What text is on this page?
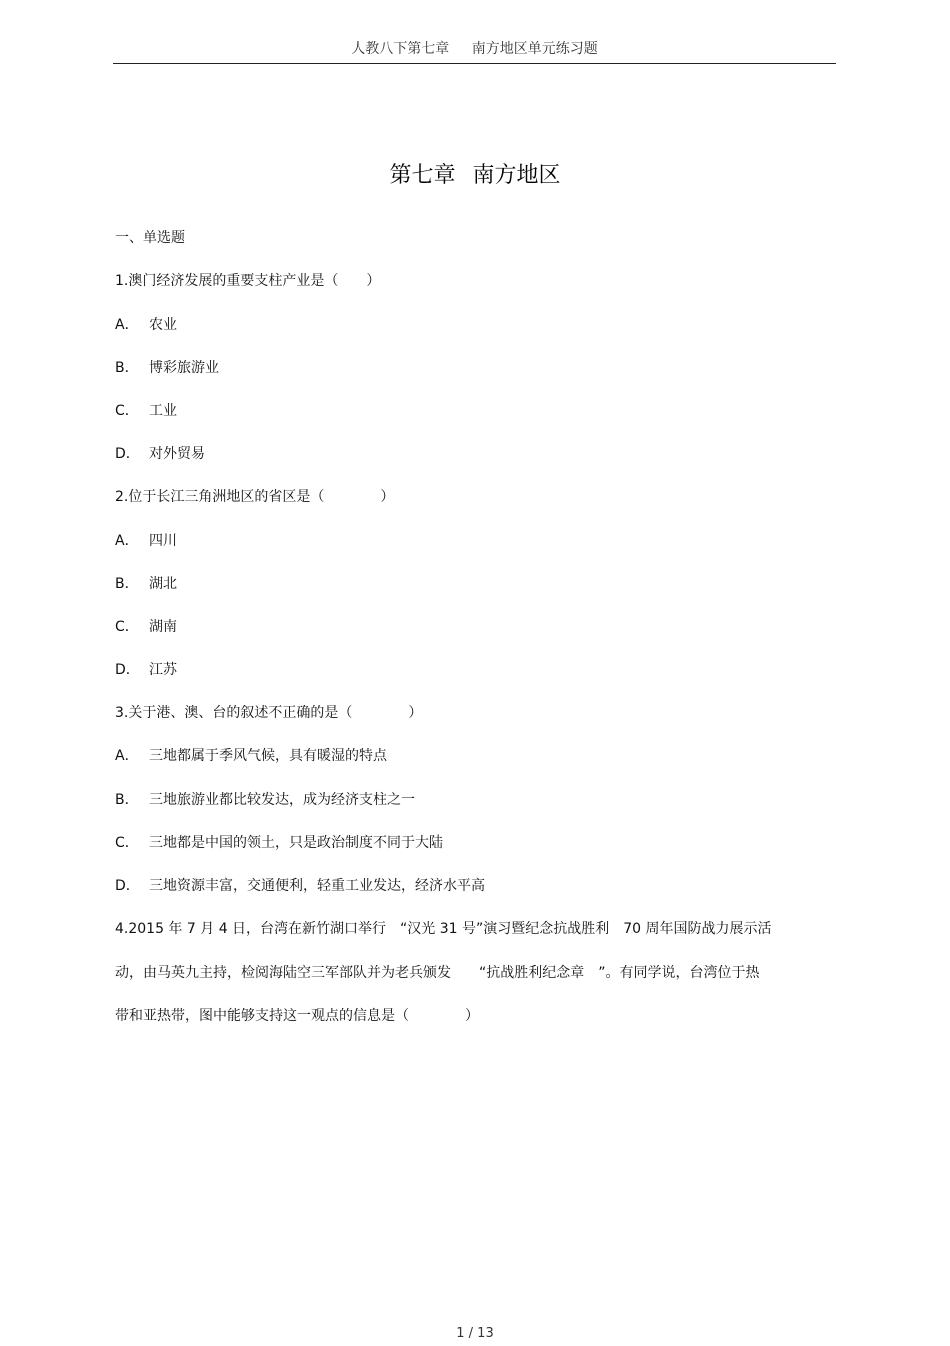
人教八下第七章 南方地区单元练习题
第七章 南方地区
一、单选题
1.澳门经济发展的重要支柱产业是（　　）
A． 农业
B． 博彩旅游业
C． 工业
D． 对外贸易
2.位于长江三角洲地区的省区是（　　　　）
A． 四川
B． 湖北
C． 湖南
D． 江苏
3.关于港、澳、台的叙述不正确的是（　　　　）
A． 三地都属于季风气候，具有暖湿的特点
B． 三地旅游业都比较发达，成为经济支柱之一
C． 三地都是中国的领土，只是政治制度不同于大陆
D． 三地资源丰富，交通便利，轻重工业发达，经济水平高
4.2015 年 7 月 4 日，台湾在新竹湖口举行　“汉光 31 号”演习暨纪念抗战胜利　70 周年国防战力展示活
动，由马英九主持，检阅海陆空三军部队并为老兵颁发　　“抗战胜利纪念章　”。有同学说，台湾位于热
带和亚热带，图中能够支持这一观点的信息是（　　　　）
1 / 13
